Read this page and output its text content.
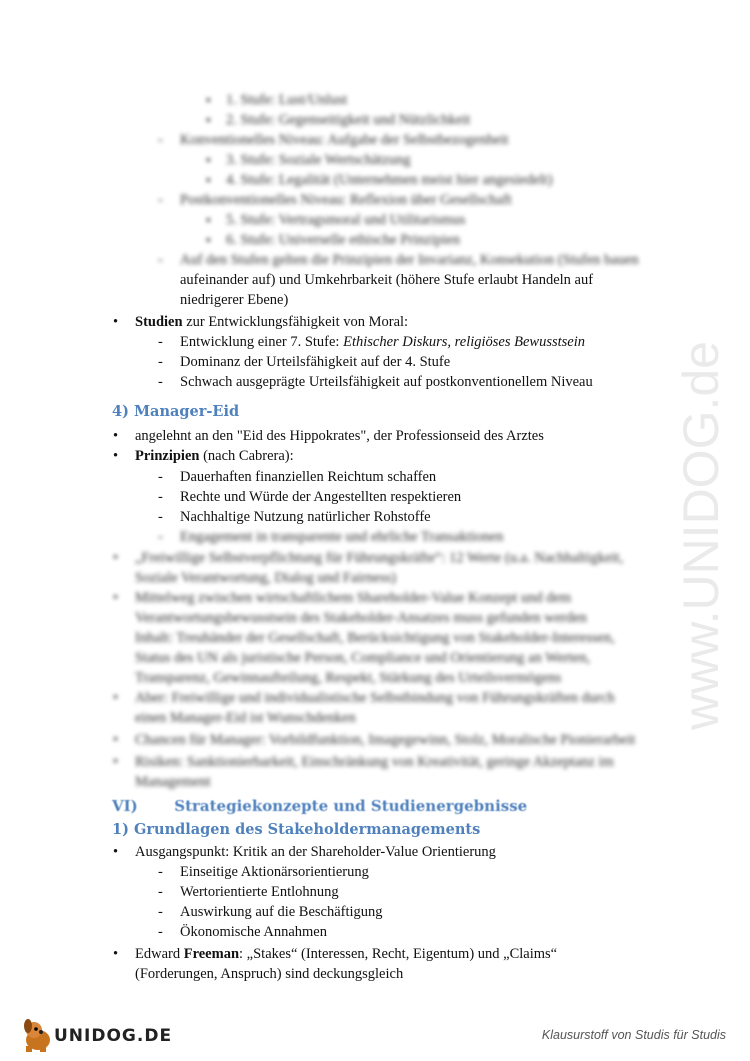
▪ 1. Stufe: Lust/Unlust
▪ 2. Stufe: Gegenseitigkeit und Nützlichkeit
- Konventionelles Niveau: Aufgabe der Selbstbezogenheit
▪ 3. Stufe: Soziale Wertschätzung
▪ 4. Stufe: Legalität (Unternehmen meist hier angesiedelt)
- Postkonventionelles Niveau: Reflexion über Gesellschaft
▪ 5. Stufe: Vertragsmoral und Utilitarismus
▪ 6. Stufe: Universelle ethische Prinzipien
- Auf den Stufen gelten die Prinzipien der Invarianz, Konsekution (Stufen bauen
aufeinander auf) und Umkehrbarkeit (höhere Stufe erlaubt Handeln auf
niedrigerer Ebene)
• Studien zur Entwicklungsfähigkeit von Moral:
- Entwicklung einer 7. Stufe: Ethischer Diskurs, religiöses Bewusstsein
- Dominanz der Urteilsfähigkeit auf der 4. Stufe
- Schwach ausgeprägte Urteilsfähigkeit auf postkonventionellem Niveau
4) Manager-Eid
• angelehnt an den "Eid des Hippokrates", der Professionseid des Arztes
• Prinzipien (nach Cabrera):
- Dauerhaften finanziellen Reichtum schaffen
- Rechte und Würde der Angestellten respektieren
- Nachhaltige Nutzung natürlicher Rohstoffe
- Engagement in transparente und ehrliche Transaktionen
• „Freiwillige Selbstverpflichtung für Führungskräfte“: 12 Werte (u.a. Nachhaltigkeit,
Soziale Verantwortung, Dialog und Fairness)
• Mittelweg zwischen wirtschaftlichem Shareholder-Value Konzept und dem
Verantwortungsbewusstsein des Stakeholder-Ansatzes muss gefunden werden
Inhalt: Treuhänder der Gesellschaft, Berücksichtigung von Stakeholder-Interessen,
Status des UN als juristische Person, Compliance und Orientierung an Werten,
Transparenz, Gewinnaufteilung, Respekt, Stärkung des Urteilsvermögens
• Aber: Freiwillige und individualistische Selbstbindung von Führungskräften durch
einen Manager-Eid ist Wunschdenken
• Chancen für Manager: Vorbildfunktion, Imagegewinn, Stolz, Moralische Pionierarbeit
• Risiken: Sanktionierbarkeit, Einschränkung von Kreativität, geringe Akzeptanz im
Management
VI) Strategiekonzepte und Studienergebnisse
1) Grundlagen des Stakeholdermanagements
• Ausgangspunkt: Kritik an der Shareholder-Value Orientierung
- Einseitige Aktionärsorientierung
- Wertorientierte Entlohnung
- Auswirkung auf die Beschäftigung
- Ökonomische Annahmen
• Edward Freeman: „Stakes“ (Interessen, Recht, Eigentum) und „Claims“
(Forderungen, Anspruch) sind deckungsgleich
www.UNIDOG.de
UNIDOG.DE	Klausurstoff von Studis für Studis
